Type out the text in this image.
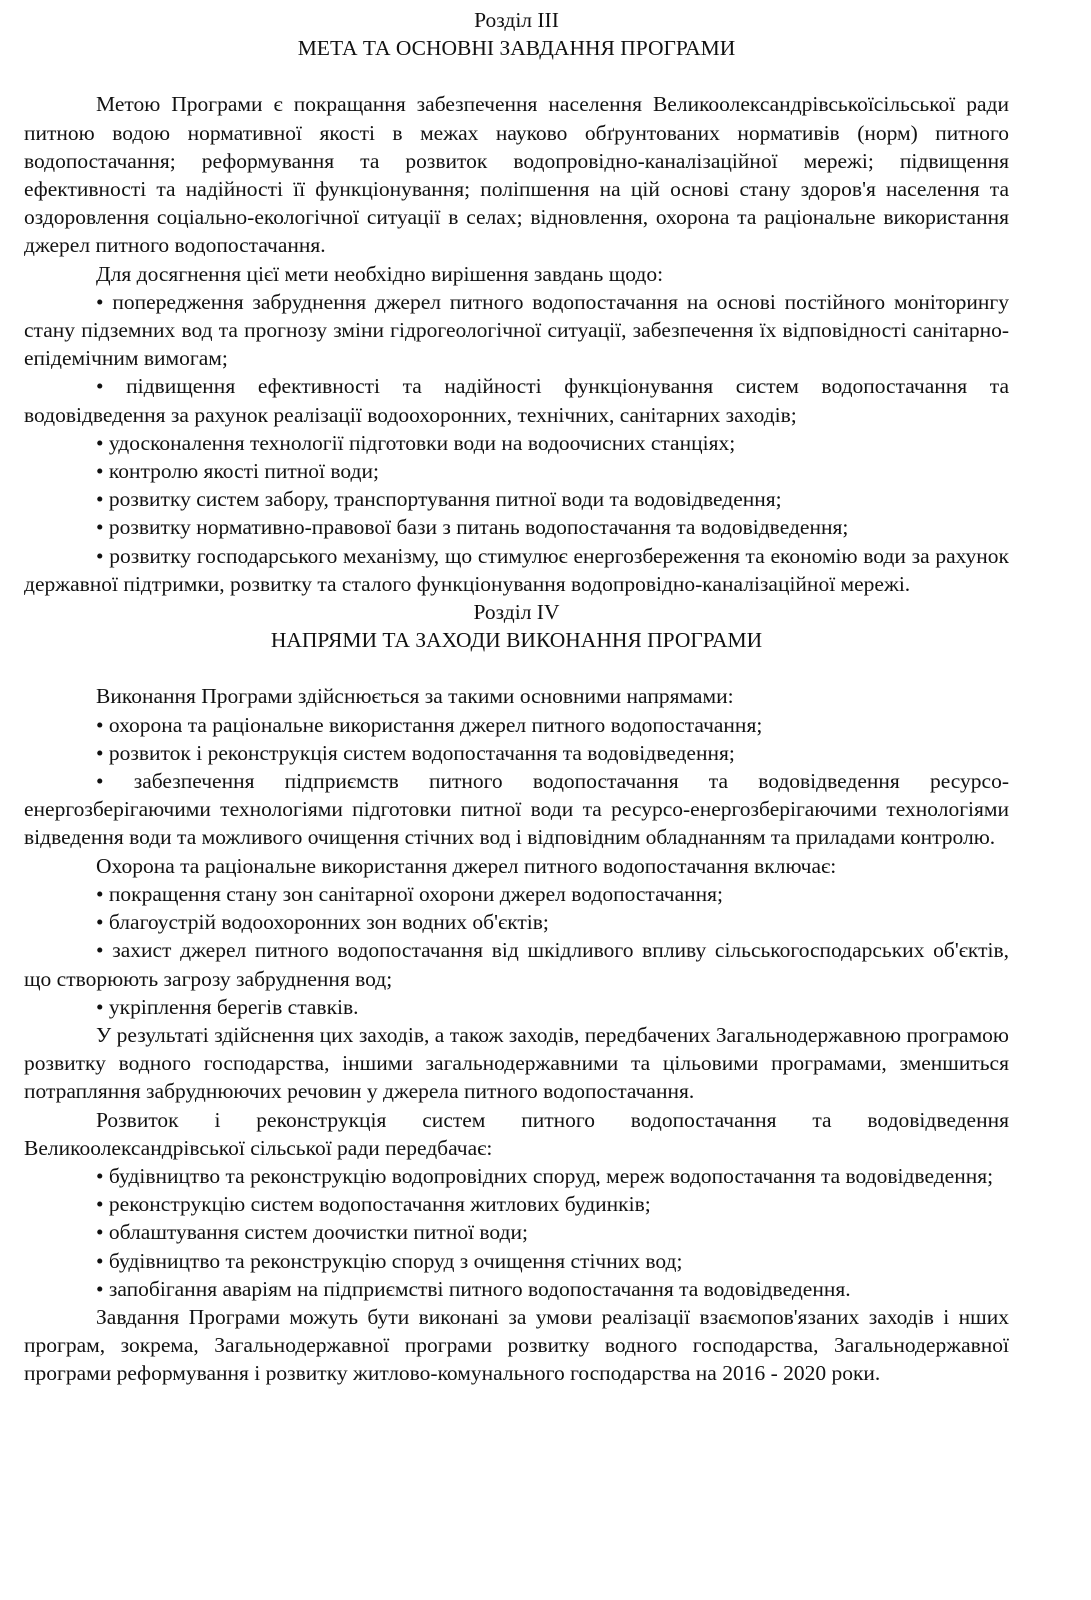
Розділ III
МЕТА ТА ОСНОВНІ ЗАВДАННЯ ПРОГРАМИ

Метою Програми є покращання забезпечення населення Великоолександрівськоїсільської ради питною водою нормативної якості в межах науково обґрунтованих нормативів (норм) питного водопостачання; реформування та розвиток водопровідно-каналізаційної мережі; підвищення ефективності та надійності її функціонування; поліпшення на цій основі стану здоров'я населення та оздоровлення соціально-екологічної ситуації в селах; відновлення, охорона та раціональне використання джерел питного водопостачання.

Для досягнення цієї мети необхідно вирішення завдань щодо:

• попередження забруднення джерел питного водопостачання на основі постійного моніторингу стану підземних вод та прогнозу зміни гідрогеологічної ситуації, забезпечення їх відповідності санітарно-епідемічним вимогам;

• підвищення ефективності та надійності функціонування систем водопостачання та водовідведення за рахунок реалізації водоохоронних, технічних, санітарних заходів;

• удосконалення технології підготовки води на водоочисних станціях;

• контролю якості питної води;

• розвитку систем забору, транспортування питної води та водовідведення;

• розвитку нормативно-правової бази з питань водопостачання та водовідведення;

• розвитку господарського механізму, що стимулює енергозбереження та економію води за рахунок державної підтримки, розвитку та сталого функціонування водопровідно-каналізаційної мережі.

Розділ IV
НАПРЯМИ ТА ЗАХОДИ ВИКОНАННЯ ПРОГРАМИ

Виконання Програми здійснюється за такими основними напрямами:

• охорона та раціональне використання джерел питного водопостачання;

• розвиток і реконструкція систем водопостачання та водовідведення;

• забезпечення підприємств питного водопостачання та водовідведення ресурсо-енергозберігаючими технологіями підготовки питної води та ресурсо-енергозберігаючими технологіями відведення води та можливого очищення стічних вод і відповідним обладнанням та приладами контролю.

Охорона та раціональне використання джерел питного водопостачання включає:

• покращення стану зон санітарної охорони джерел водопостачання;

• благоустрій водоохоронних зон водних об'єктів;

• захист джерел питного водопостачання від шкідливого впливу сільськогосподарських об'єктів, що створюють загрозу забруднення вод;

• укріплення берегів ставків.

У результаті здійснення цих заходів, а також заходів, передбачених Загальнодержавною програмою розвитку водного господарства, іншими загальнодержавними та цільовими програмами, зменшиться потрапляння забруднюючих речовин у джерела питного водопостачання.

Розвиток і реконструкція систем питного водопостачання та водовідведення Великоолександрівської сільської ради передбачає:

• будівництво та реконструкцію водопровідних споруд, мереж водопостачання та водовідведення;

• реконструкцію систем водопостачання житлових будинків;

• облаштування систем доочистки питної води;

• будівництво та реконструкцію споруд з очищення стічних вод;

• запобігання аваріям на підприємстві питного водопостачання та водовідведення.

Завдання Програми можуть бути виконані за умови реалізації взаємопов'язаних заходів і нших програм, зокрема, Загальнодержавної програми розвитку водного господарства, Загальнодержавної програми реформування і розвитку житлово-комунального господарства на 2016 - 2020 роки.
